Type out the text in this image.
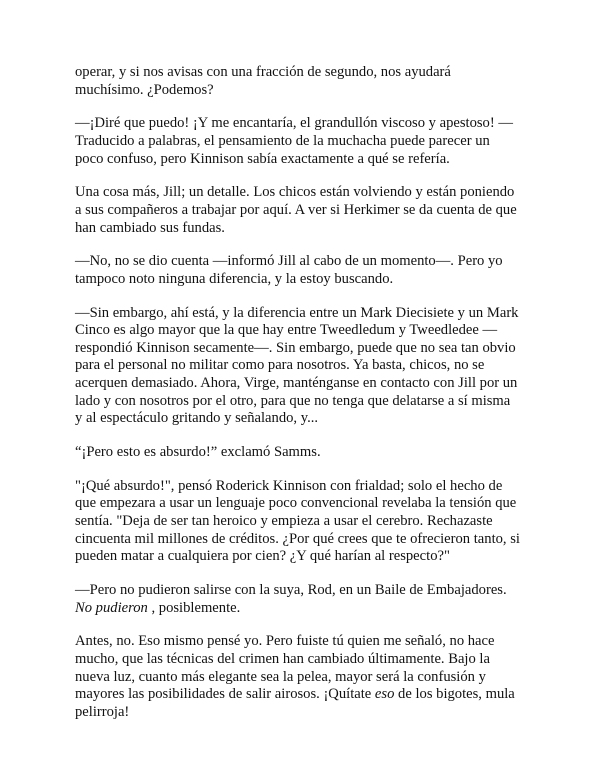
operar, y si nos avisas con una fracción de segundo, nos ayudará
muchísimo. ¿Podemos?

—¡Diré que puedo! ¡Y me encantaría, el grandullón viscoso y apestoso! —
Traducido a palabras, el pensamiento de la muchacha puede parecer un
poco confuso, pero Kinnison sabía exactamente a qué se refería.

Una cosa más, Jill; un detalle. Los chicos están volviendo y están poniendo
a sus compañeros a trabajar por aquí. A ver si Herkimer se da cuenta de que
han cambiado sus fundas.

—No, no se dio cuenta —informó Jill al cabo de un momento—. Pero yo
tampoco noto ninguna diferencia, y la estoy buscando.

—Sin embargo, ahí está, y la diferencia entre un Mark Diecisiete y un Mark
Cinco es algo mayor que la que hay entre Tweedledum y Tweedledee —
respondió Kinnison secamente—. Sin embargo, puede que no sea tan obvio
para el personal no militar como para nosotros. Ya basta, chicos, no se
acerquen demasiado. Ahora, Virge, manténganse en contacto con Jill por un
lado y con nosotros por el otro, para que no tenga que delatarse a sí misma
y al espectáculo gritando y señalando, y...

“¡Pero esto es absurdo!” exclamó Samms.

"¡Qué absurdo!", pensó Roderick Kinnison con frialdad; solo el hecho de
que empezara a usar un lenguaje poco convencional revelaba la tensión que
sentía. "Deja de ser tan heroico y empieza a usar el cerebro. Rechazaste
cincuenta mil millones de créditos. ¿Por qué crees que te ofrecieron tanto, si
pueden matar a cualquiera por cien? ¿Y qué harían al respecto?"

—Pero no pudieron salirse con la suya, Rod, en un Baile de Embajadores.
No pudieron , posiblemente.

Antes, no. Eso mismo pensé yo. Pero fuiste tú quien me señaló, no hace
mucho, que las técnicas del crimen han cambiado últimamente. Bajo la
nueva luz, cuanto más elegante sea la pelea, mayor será la confusión y
mayores las posibilidades de salir airosos. ¡Quítate eso de los bigotes, mula
pelirroja!
